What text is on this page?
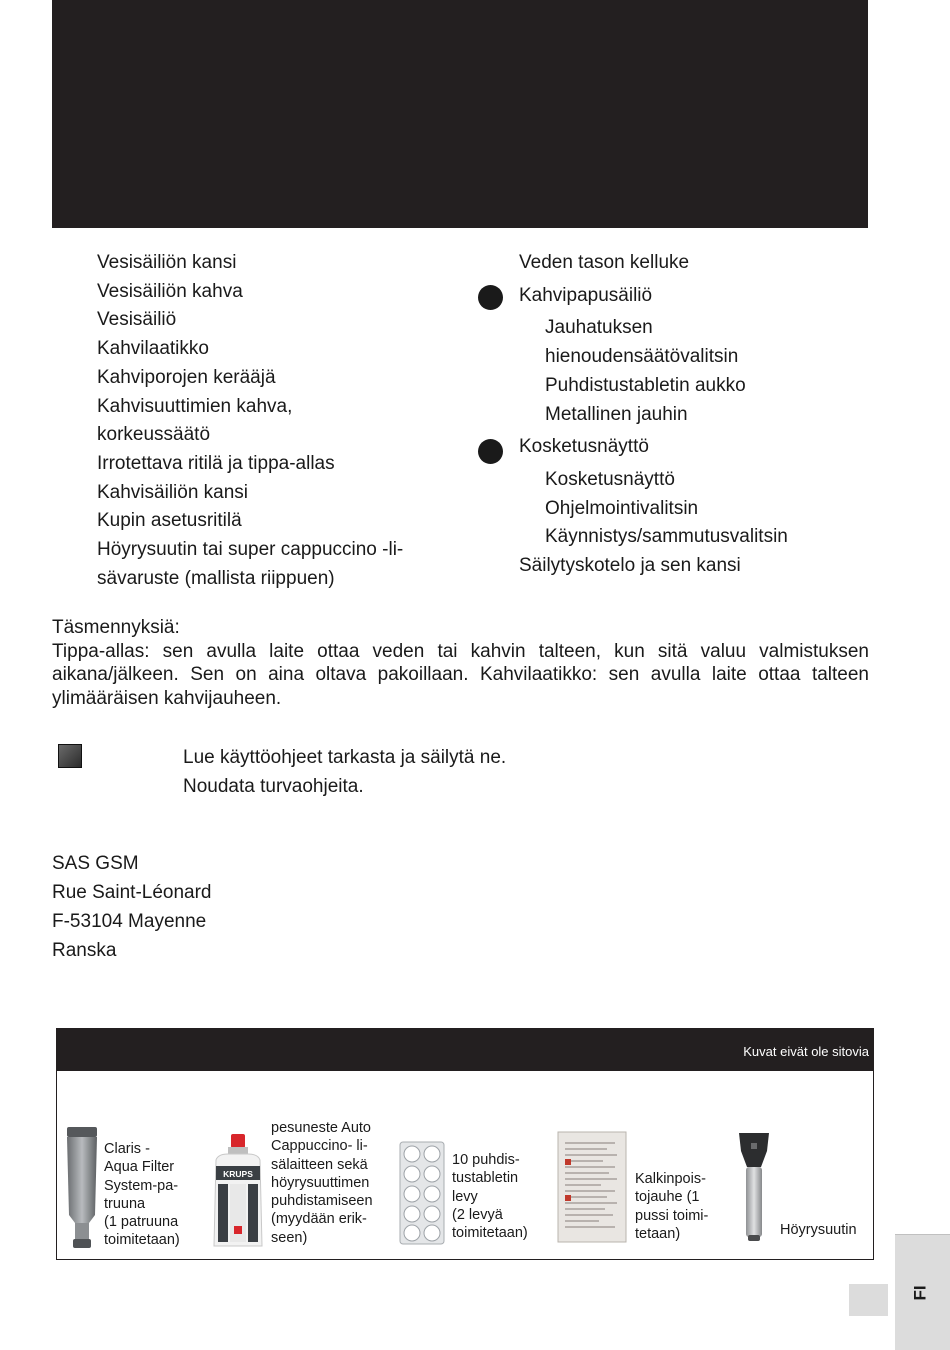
Vesisäiliön kansi
Vesisäiliön kahva
Vesisäiliö
Kahvilaatikko
Kahviporojen kerääjä
Kahvisuuttimien kahva,
korkeussäätö
Irrotettava ritilä ja tippa-allas
Kahvisäiliön kansi
Kupin asetusritilä
Höyrysuutin tai super cappuccino -li-
sävaruste (mallista riippuen)
Veden tason kelluke
Kahvipapusäiliö
Jauhatuksen
hienoudensäätövalitsin
Puhdistustabletin aukko
Metallinen jauhin
Kosketusnäyttö
Kosketusnäyttö
Ohjelmointivalitsin
Käynnistys/sammutusvalitsin
Säilytyskotelo ja sen kansi

Täsmennyksiä:

Tippa-allas: sen avulla laite ottaa veden tai kahvin talteen, kun sitä valuu valmistuksen aikana/jälkeen. Sen on aina oltava pakoillaan. Kahvilaatikko: sen avulla laite ottaa talteen ylimääräisen kahvijauheen.

Lue käyttöohjeet tarkasta ja säilytä ne.
Noudata turvaohjeita.
SAS GSM
Rue Saint-Léonard
F-53104 Mayenne
Ranska
Kuvat eivät ole sitovia
Claris -
Aqua Filter
System-pa-
truuna
(1 patruuna
toimitetaan)
KRUPS
pesuneste Auto
Cappuccino- li-
sälaitteen sekä
höyrysuuttimen
puhdistamiseen
(myydään erik-
seen)
10 puhdis-
tustabletin
levy
(2 levyä
toimitetaan)
Kalkinpois-
tojauhe (1
pussi toimi-
tetaan)	Höyrysuutin
FI
